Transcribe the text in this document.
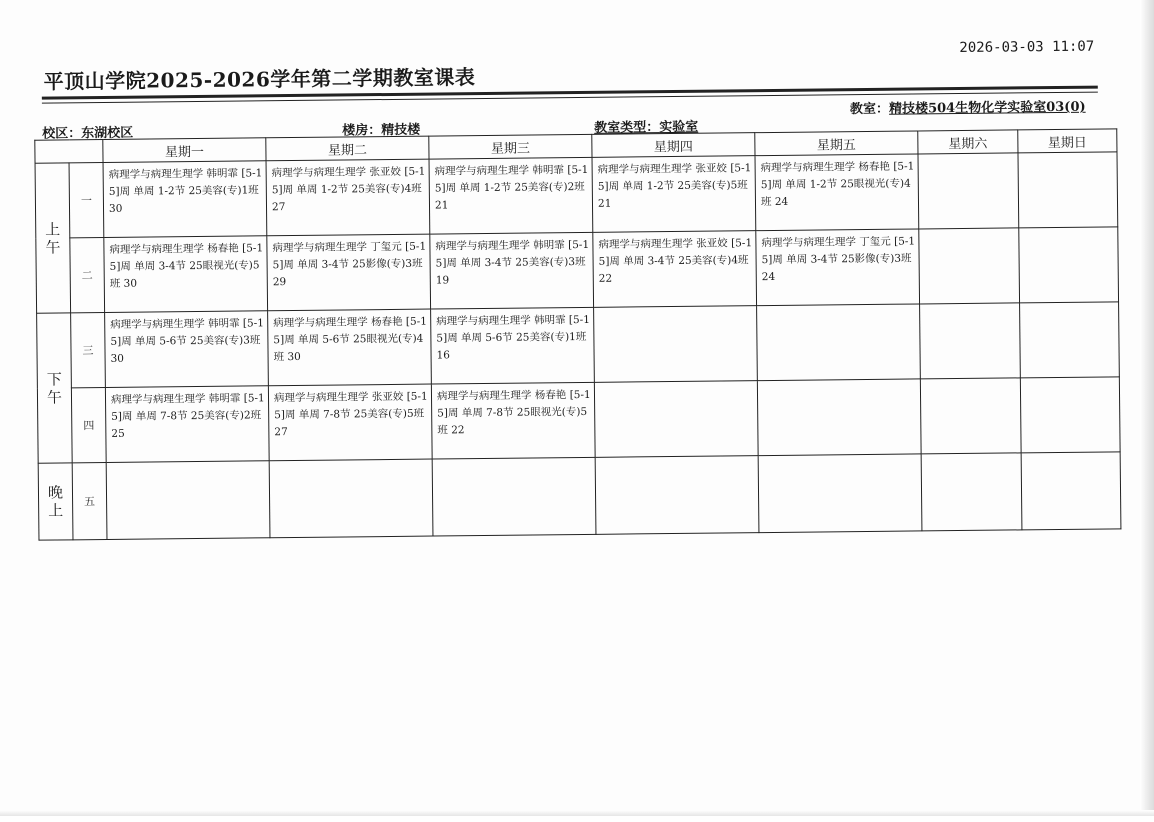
平顶山学院2025-2026学年第二学期教室课表
2026-03-03 11:07
校区：东湖校区	楼房：精技楼	教室类型：实验室
教室：精技楼504生物化学实验室03(0)
		星期一	星期二	星期三	星期四	星期五	星期六	星期日
上午	一	病理学与病理生理学 韩明霏 [5-15]周 单周 1-2节 25美容(专)1班 30	病理学与病理生理学 张亚姣 [5-15]周 单周 1-2节 25美容(专)4班 27	病理学与病理生理学 韩明霏 [5-15]周 单周 1-2节 25美容(专)2班 21	病理学与病理生理学 张亚姣 [5-15]周 单周 1-2节 25美容(专)5班 21	病理学与病理生理学 杨春艳 [5-15]周 单周 1-2节 25眼视光(专)4班 24		
	二	病理学与病理生理学 杨春艳 [5-15]周 单周 3-4节 25眼视光(专)5班 30	病理学与病理生理学 丁玺元 [5-15]周 单周 3-4节 25影像(专)3班 29	病理学与病理生理学 韩明霏 [5-15]周 单周 3-4节 25美容(专)3班 19	病理学与病理生理学 张亚姣 [5-15]周 单周 3-4节 25美容(专)4班 22	病理学与病理生理学 丁玺元 [5-15]周 单周 3-4节 25影像(专)3班 24		
下午	三	病理学与病理生理学 韩明霏 [5-15]周 单周 5-6节 25美容(专)3班 30	病理学与病理生理学 杨春艳 [5-15]周 单周 5-6节 25眼视光(专)4班 30	病理学与病理生理学 韩明霏 [5-15]周 单周 5-6节 25美容(专)1班 16				
	四	病理学与病理生理学 韩明霏 [5-15]周 单周 7-8节 25美容(专)2班 25	病理学与病理生理学 张亚姣 [5-15]周 单周 7-8节 25美容(专)5班 27	病理学与病理生理学 杨春艳 [5-15]周 单周 7-8节 25眼视光(专)5班 22				
晚上	五							
